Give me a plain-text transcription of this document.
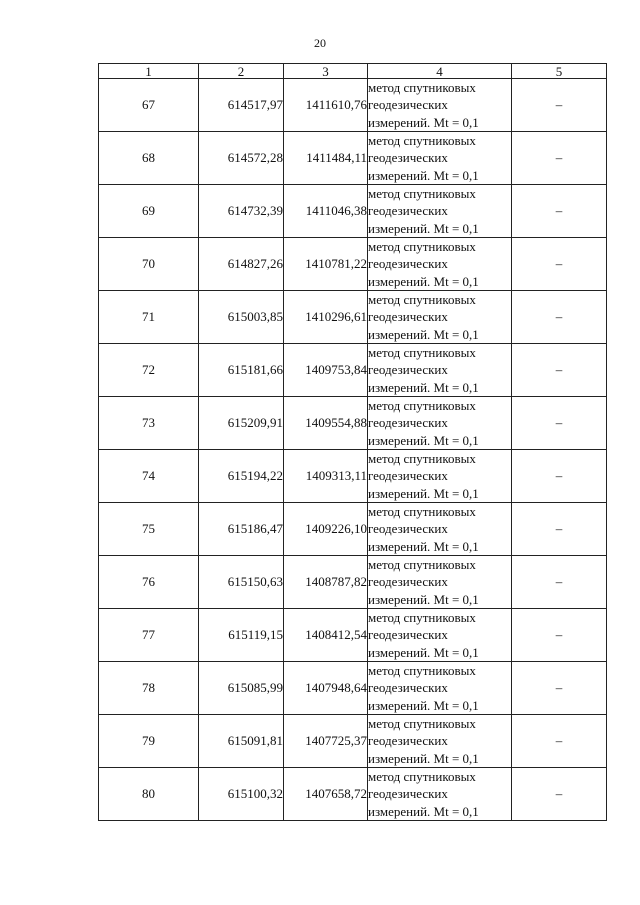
20
1	2	3	4	5
67	614517,97	1411610,76	метод спутниковых
геодезических
измерений. Mt = 0,1	–
68	614572,28	1411484,11	метод спутниковых
геодезических
измерений. Mt = 0,1	–
69	614732,39	1411046,38	метод спутниковых
геодезических
измерений. Mt = 0,1	–
70	614827,26	1410781,22	метод спутниковых
геодезических
измерений. Mt = 0,1	–
71	615003,85	1410296,61	метод спутниковых
геодезических
измерений. Mt = 0,1	–
72	615181,66	1409753,84	метод спутниковых
геодезических
измерений. Mt = 0,1	–
73	615209,91	1409554,88	метод спутниковых
геодезических
измерений. Mt = 0,1	–
74	615194,22	1409313,11	метод спутниковых
геодезических
измерений. Mt = 0,1	–
75	615186,47	1409226,10	метод спутниковых
геодезических
измерений. Mt = 0,1	–
76	615150,63	1408787,82	метод спутниковых
геодезических
измерений. Mt = 0,1	–
77	615119,15	1408412,54	метод спутниковых
геодезических
измерений. Mt = 0,1	–
78	615085,99	1407948,64	метод спутниковых
геодезических
измерений. Mt = 0,1	–
79	615091,81	1407725,37	метод спутниковых
геодезических
измерений. Mt = 0,1	–
80	615100,32	1407658,72	метод спутниковых
геодезических
измерений. Mt = 0,1	–
